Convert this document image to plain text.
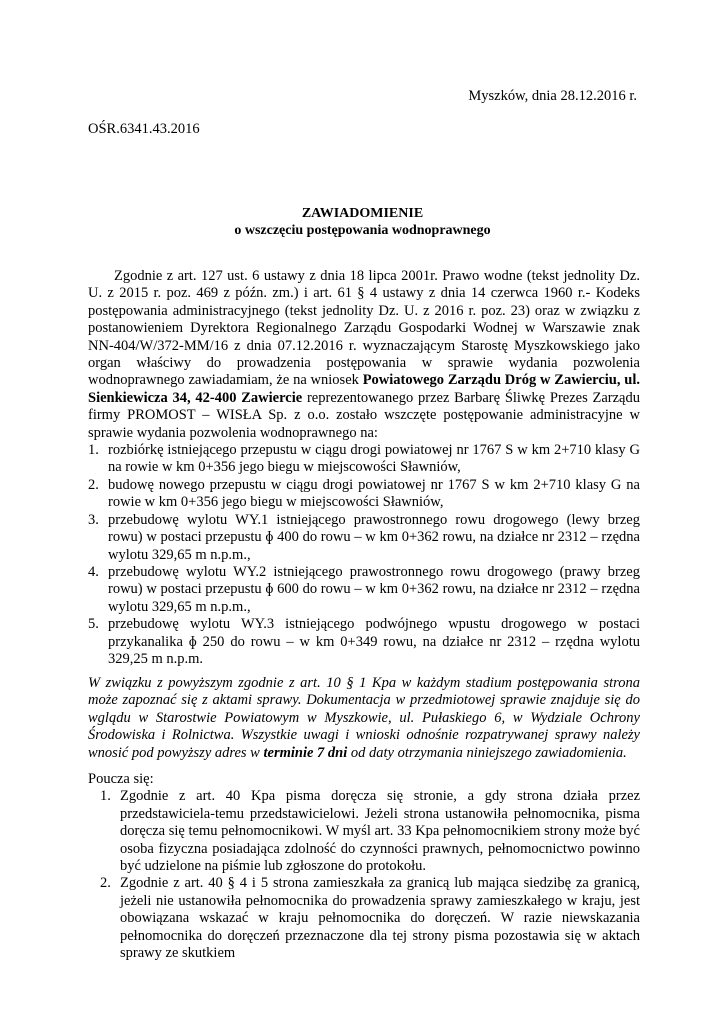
Myszków, dnia 28.12.2016 r.

OŚR.6341.43.2016

ZAWIADOMIENIE
o wszczęciu postępowania wodnoprawnego

Zgodnie z art. 127 ust. 6 ustawy z dnia 18 lipca 2001r. Prawo wodne (tekst jednolity Dz. U. z 2015 r. poz. 469 z późn. zm.) i art. 61 § 4 ustawy z dnia 14 czerwca 1960 r.- Kodeks postępowania administracyjnego (tekst jednolity Dz. U. z 2016 r. poz. 23) oraz w związku z postanowieniem Dyrektora Regionalnego Zarządu Gospodarki Wodnej w Warszawie znak NN-404/W/372-MM/16 z dnia 07.12.2016 r. wyznaczającym Starostę Myszkowskiego jako organ właściwy do prowadzenia postępowania w sprawie wydania pozwolenia wodnoprawnego zawiadamiam, że na wniosek Powiatowego Zarządu Dróg w Zawierciu, ul. Sienkiewicza 34, 42-400 Zawiercie reprezentowanego przez Barbarę Śliwkę Prezes Zarządu firmy PROMOST – WISŁA Sp. z o.o. zostało wszczęte postępowanie administracyjne w sprawie wydania pozwolenia wodnoprawnego na:

1. rozbiórkę istniejącego przepustu w ciągu drogi powiatowej nr 1767 S w km 2+710 klasy G na rowie w km 0+356 jego biegu w miejscowości Sławniów,
2. budowę nowego przepustu w ciągu drogi powiatowej nr 1767 S w km 2+710 klasy G na rowie w km 0+356 jego biegu w miejscowości Sławniów,
3. przebudowę wylotu WY.1 istniejącego prawostronnego rowu drogowego (lewy brzeg rowu) w postaci przepustu ɸ 400 do rowu – w km 0+362 rowu, na działce nr 2312 – rzędna wylotu 329,65 m n.p.m.,
4. przebudowę wylotu WY.2 istniejącego prawostronnego rowu drogowego (prawy brzeg rowu) w postaci przepustu ɸ 600 do rowu – w km 0+362 rowu, na działce nr 2312 – rzędna wylotu 329,65 m n.p.m.,
5. przebudowę wylotu WY.3 istniejącego podwójnego wpustu drogowego w postaci przykanalika ɸ 250 do rowu – w km 0+349 rowu, na działce nr 2312 – rzędna wylotu 329,25 m n.p.m.

W związku z powyższym zgodnie z art. 10 § 1 Kpa w każdym stadium postępowania strona może zapoznać się z aktami sprawy. Dokumentacja w przedmiotowej sprawie znajduje się do wglądu w Starostwie Powiatowym w Myszkowie, ul. Pułaskiego 6, w Wydziale Ochrony Środowiska i Rolnictwa. Wszystkie uwagi i wnioski odnośnie rozpatrywanej sprawy należy wnosić pod powyższy adres w terminie 7 dni od daty otrzymania niniejszego zawiadomienia.

Poucza się:

1. Zgodnie z art. 40 Kpa pisma doręcza się stronie, a gdy strona działa przez przedstawiciela-temu przedstawicielowi. Jeżeli strona ustanowiła pełnomocnika, pisma doręcza się temu pełnomocnikowi. W myśl art. 33 Kpa pełnomocnikiem strony może być osoba fizyczna posiadająca zdolność do czynności prawnych, pełnomocnictwo powinno być udzielone na piśmie lub zgłoszone do protokołu.
2. Zgodnie z art. 40 § 4 i 5 strona zamieszkała za granicą lub mająca siedzibę za granicą, jeżeli nie ustanowiła pełnomocnika do prowadzenia sprawy zamieszkałego w kraju, jest obowiązana wskazać w kraju pełnomocnika do doręczeń. W razie niewskazania pełnomocnika do doręczeń przeznaczone dla tej strony pisma pozostawia się w aktach sprawy ze skutkiem
